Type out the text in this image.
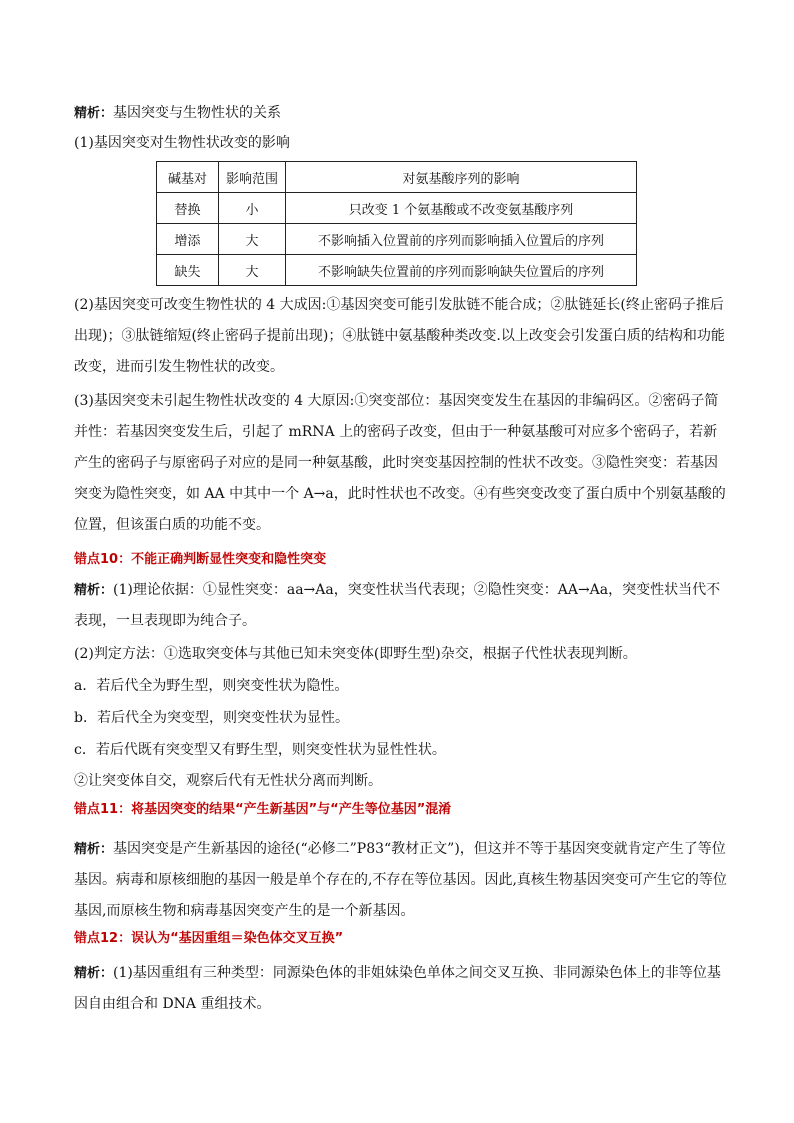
精析：基因突变与生物性状的关系

(1)基因突变对生物性状改变的影响

碱基对	影响范围	对氨基酸序列的影响
替换	小	只改变 1 个氨基酸或不改变氨基酸序列
增添	大	不影响插入位置前的序列而影响插入位置后的序列
缺失	大	不影响缺失位置前的序列而影响缺失位置后的序列

(2)基因突变可改变生物性状的 4 大成因:①基因突变可能引发肽链不能合成；②肽链延长(终止密码子推后出现)；③肽链缩短(终止密码子提前出现)；④肽链中氨基酸种类改变.以上改变会引发蛋白质的结构和功能改变，进而引发生物性状的改变。

(3)基因突变未引起生物性状改变的 4 大原因:①突变部位：基因突变发生在基因的非编码区。②密码子简并性：若基因突变发生后，引起了 mRNA 上的密码子改变，但由于一种氨基酸可对应多个密码子，若新产生的密码子与原密码子对应的是同一种氨基酸，此时突变基因控制的性状不改变。③隐性突变：若基因突变为隐性突变，如 AA 中其中一个 A→a，此时性状也不改变。④有些突变改变了蛋白质中个别氨基酸的位置，但该蛋白质的功能不变。

错点10：不能正确判断显性突变和隐性突变

精析：(1)理论依据：①显性突变：aa→Aa，突变性状当代表现；②隐性突变：AA→Aa，突变性状当代不表现，一旦表现即为纯合子。

(2)判定方法：①选取突变体与其他已知未突变体(即野生型)杂交，根据子代性状表现判断。

a．若后代全为野生型，则突变性状为隐性。

b．若后代全为突变型，则突变性状为显性。

c．若后代既有突变型又有野生型，则突变性状为显性性状。

②让突变体自交，观察后代有无性状分离而判断。

错点11：将基因突变的结果“产生新基因”与“产生等位基因”混淆

精析：基因突变是产生新基因的途径(“必修二”P83“教材正文”)，但这并不等于基因突变就肯定产生了等位基因。病毒和原核细胞的基因一般是单个存在的,不存在等位基因。因此,真核生物基因突变可产生它的等位基因,而原核生物和病毒基因突变产生的是一个新基因。

错点12：误认为“基因重组＝染色体交叉互换”

精析：(1)基因重组有三种类型：同源染色体的非姐妹染色单体之间交叉互换、非同源染色体上的非等位基因自由组合和 DNA 重组技术。
